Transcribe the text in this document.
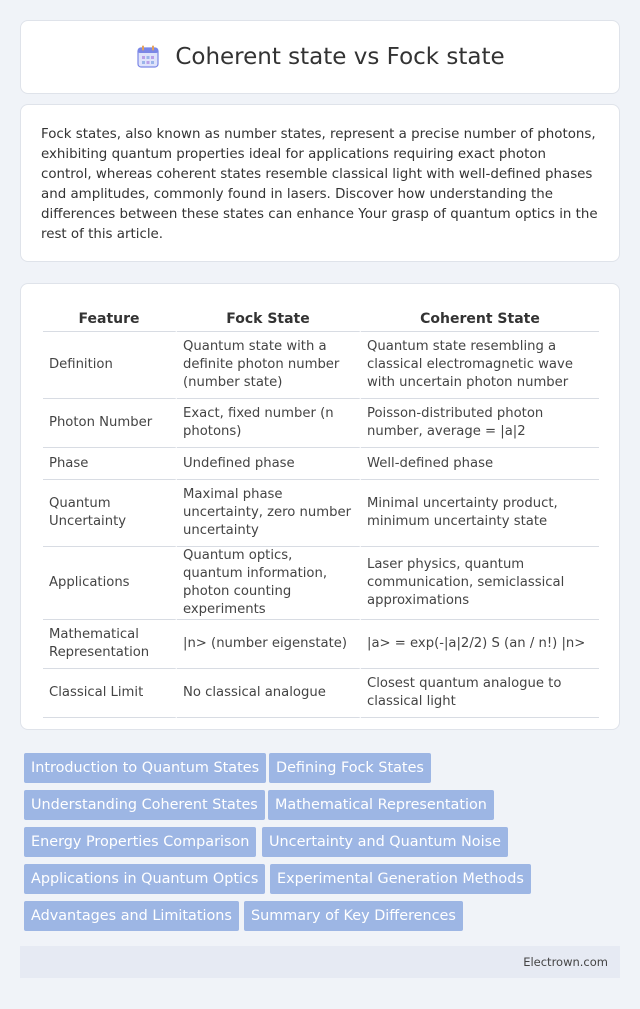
Coherent state vs Fock state

Fock states, also known as number states, represent a precise number of photons, exhibiting quantum properties ideal for applications requiring exact photon control, whereas coherent states resemble classical light with well-defined phases and amplitudes, commonly found in lasers. Discover how understanding the differences between these states can enhance Your grasp of quantum optics in the rest of this article.

Feature	Fock State	Coherent State
Definition	Quantum state with a definite photon number (number state)	Quantum state resembling a classical electromagnetic wave with uncertain photon number
Photon Number	Exact, fixed number (n photons)	Poisson-distributed photon number, average = |a|2
Phase	Undefined phase	Well-defined phase
Quantum Uncertainty	Maximal phase uncertainty, zero number uncertainty	Minimal uncertainty product, minimum uncertainty state
Applications	Quantum optics, quantum information, photon counting experiments	Laser physics, quantum communication, semiclassical approximations
Mathematical Representation	|n> (number eigenstate)	|a> = exp(-|a|2/2) S (an / n!) |n>
Classical Limit	No classical analogue	Closest quantum analogue to classical light
Introduction to Quantum States	Defining Fock States
Understanding Coherent States	Mathematical Representation
Energy Properties Comparison	Uncertainty and Quantum Noise
Applications in Quantum Optics	Experimental Generation Methods
Advantages and Limitations	Summary of Key Differences
Electrown.com
